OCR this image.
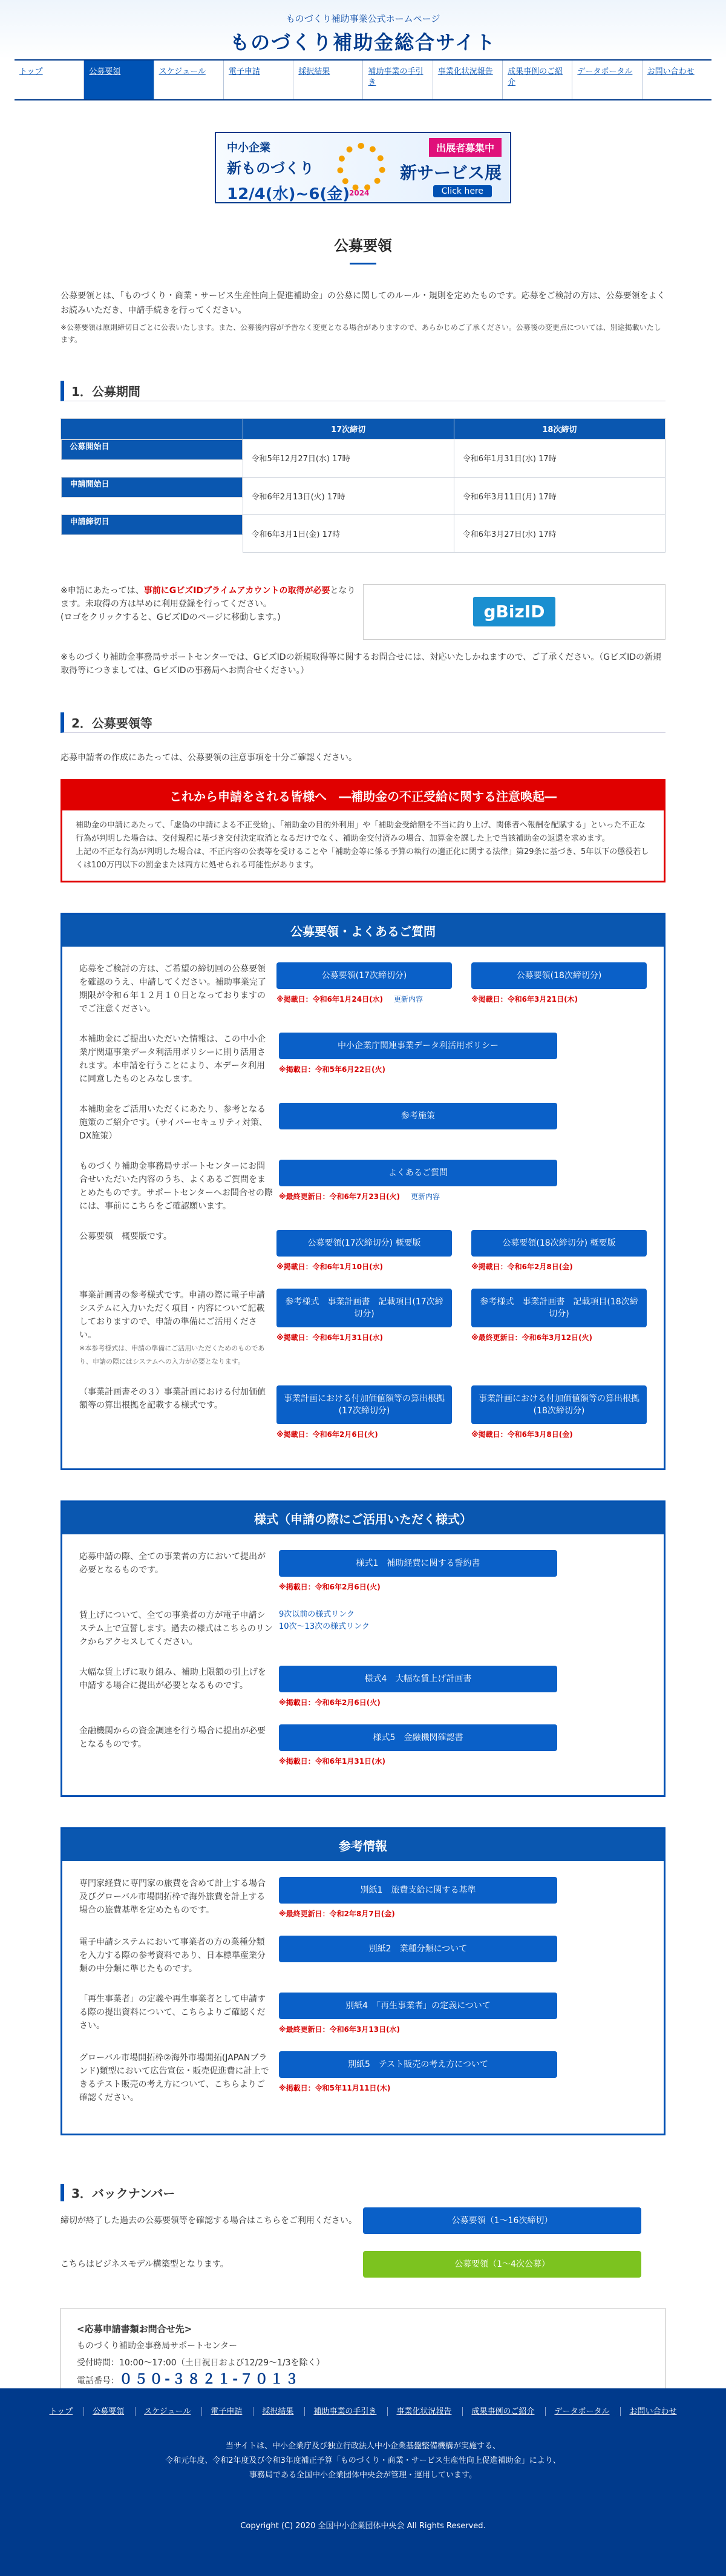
ものづくり補助事業公式ホームページ
ものづくり補助金総合サイト
トップ	公募要領	スケジュール	電子申請	採択結果	補助事業の手引き
事業化状況報告	成果事例のご紹介
データポータル	お問い合わせ
中小企業
新ものづくり
12/4(水)~6(金)
2024
出展者募集中
新サービス展
Click here
公募要領

公募要領とは、「ものづくり・商業・サービス生産性向上促進補助金」の公募に関してのルール・規則を定めたものです。応募をご検討の方は、公募要領をよくお読みいただき、申請手続きを行ってください。

※公募要領は原則締切日ごとに公表いたします。また、公募後内容が予告なく変更となる場合がありますので、あらかじめご了承ください。公募後の変更点については、別途掲載いたします。

1．公募期間
	17次締切	18次締切

公募開始日
令和5年12月27日(水) 17時	令和6年1月31日(水) 17時

申請開始日
令和6年2月13日(火) 17時	令和6年3月11日(月) 17時

申請締切日
令和6年3月1日(金) 17時	令和6年3月27日(水) 17時
※申請にあたっては、事前にGビズIDプライムアカウントの取得が必要となります。未取得の方は早めに利用登録を行ってください。
(ロゴをクリックすると、GビズIDのページに移動します。)	gBizID

※ものづくり補助金事務局サポートセンターでは、GビズIDの新規取得等に関するお問合せには、対応いたしかねますので、ご了承ください。（GビズIDの新規取得等につきましては、GビズIDの事務局へお問合せください。）

2．公募要領等

応募申請者の作成にあたっては、公募要領の注意事項を十分ご確認ください。

これから申請をされる皆様へ　―補助金の不正受給に関する注意喚起―

補助金の申請にあたって、「虚偽の申請による不正受給」、「補助金の目的外利用」や「補助金受給額を不当に釣り上げ、関係者へ報酬を配賦する」といった不正な行為が判明した場合は、交付規程に基づき交付決定取消となるだけでなく、補助金交付済みの場合、加算金を課した上で当該補助金の返還を求めます。

上記の不正な行為が判明した場合は、不正内容の公表等を受けることや「補助金等に係る予算の執行の適正化に関する法律」第29条に基づき、5年以下の懲役若しくは100万円以下の罰金または両方に処せられる可能性があります。

公募要領・よくあるご質問
応募をご検討の方は、ご希望の締切回の公募要領を確認のうえ、申請してください。補助事業完了期限が令和６年１２月１０日となっておりますのでご注意ください。
公募要領(17次締切分)
※掲載日：令和6年1月24日(水) 更新内容
公募要領(18次締切分)
※掲載日：令和6年3月21日(木)
本補助金にご提出いただいた情報は、この中小企業庁関連事業データ利活用ポリシーに則り活用されます。本申請を行うことにより、本データ利用に同意したものとみなします。
中小企業庁関連事業データ利活用ポリシー
※掲載日：令和5年6月22日(火)
本補助金をご活用いただくにあたり、参考となる施策のご紹介です。（サイバーセキュリティ対策、DX施策）
参考施策
ものづくり補助金事務局サポートセンターにお問合せいただいた内容のうち、よくあるご質問をまとめたものです。サポートセンターへお問合せの際には、事前にこちらをご確認願います。
よくあるご質問
※最終更新日：令和6年7月23日(火) 更新内容
公募要領　概要版です。
公募要領(17次締切分) 概要版
※掲載日：令和6年1月10日(水)
公募要領(18次締切分) 概要版
※掲載日：令和6年2月8日(金)
事業計画書の参考様式です。申請の際に電子申請システムに入力いただく項目・内容について記載しておりますので、申請の準備にご活用ください。
※本参考様式は、申請の準備にご活用いただくためのものであり、申請の際にはシステムへの入力が必要となります。
参考様式　事業計画書　記載項目(17次締切分)
※掲載日：令和6年1月31日(水)
参考様式　事業計画書　記載項目(18次締切分)
※最終更新日：令和6年3月12日(火)
（事業計画書その３）事業計画における付加価値額等の算出根拠を記載する様式です。
事業計画における付加価値額等の算出根拠(17次締切分)
※掲載日：令和6年2月6日(火)
事業計画における付加価値額等の算出根拠(18次締切分)
※掲載日：令和6年3月8日(金)
様式（申請の際にご活用いただく様式）
応募申請の際、全ての事業者の方において提出が必要となるものです。
様式1　補助経費に関する誓約書
※掲載日：令和6年2月6日(火)
賃上げについて、全ての事業者の方が電子申請システム上で宣誓します。過去の様式はこちらのリンクからアクセスしてください。
9次以前の様式リンク
10次～13次の様式リンク
大幅な賃上げに取り組み、補助上限額の引上げを申請する場合に提出が必要となるものです。
様式4　大幅な賃上げ計画書
※掲載日：令和6年2月6日(火)
金融機関からの資金調達を行う場合に提出が必要となるものです。
様式5　金融機関確認書
※掲載日：令和6年1月31日(水)
参考情報
専門家経費に専門家の旅費を含めて計上する場合及びグローバル市場開拓枠で海外旅費を計上する場合の旅費基準を定めたものです。
別紙1　旅費支給に関する基準
※最終更新日：令和2年8月7日(金)
電子申請システムにおいて事業者の方の業種分類を入力する際の参考資料であり、日本標準産業分類の中分類に準じたものです。
別紙2　業種分類について
「再生事業者」の定義や再生事業者として申請する際の提出資料について、こちらよりご確認ください。
別紙4　「再生事業者」の定義について
※最終更新日：令和6年3月13日(水)
グローバル市場開拓枠②海外市場開拓(JAPANブランド)類型において広告宣伝・販売促進費に計上できるテスト販売の考え方について、こちらよりご確認ください。
別紙5　テスト販売の考え方について
※掲載日：令和5年11月11日(木)
3．バックナンバー
締切が終了した過去の公募要領等を確認する場合はこちらをご利用ください。	公募要領（1～16次締切）
こちらはビジネスモデル構築型となります。	公募要領（1～4次公募）
<応募申請書類お問合せ先>
ものづくり補助金事務局サポートセンター
受付時間：10:00～17:00（土日祝日および12/29～1/3を除く）
電話番号：０５０-３８２１-７０１３
トップ	公募要領	スケジュール	電子申請	採択結果	補助事業の手引き	事業化状況報告	成果事例のご紹介	データポータル	お問い合わせ
当サイトは、中小企業庁及び独立行政法人中小企業基盤整備機構が実施する、
令和元年度、令和2年度及び令和3年度補正予算「ものづくり・商業・サービス生産性向上促進補助金」により、
事務局である全国中小企業団体中央会が管理・運用しています。
Copyright (C) 2020 全国中小企業団体中央会 All Rights Reserved.
